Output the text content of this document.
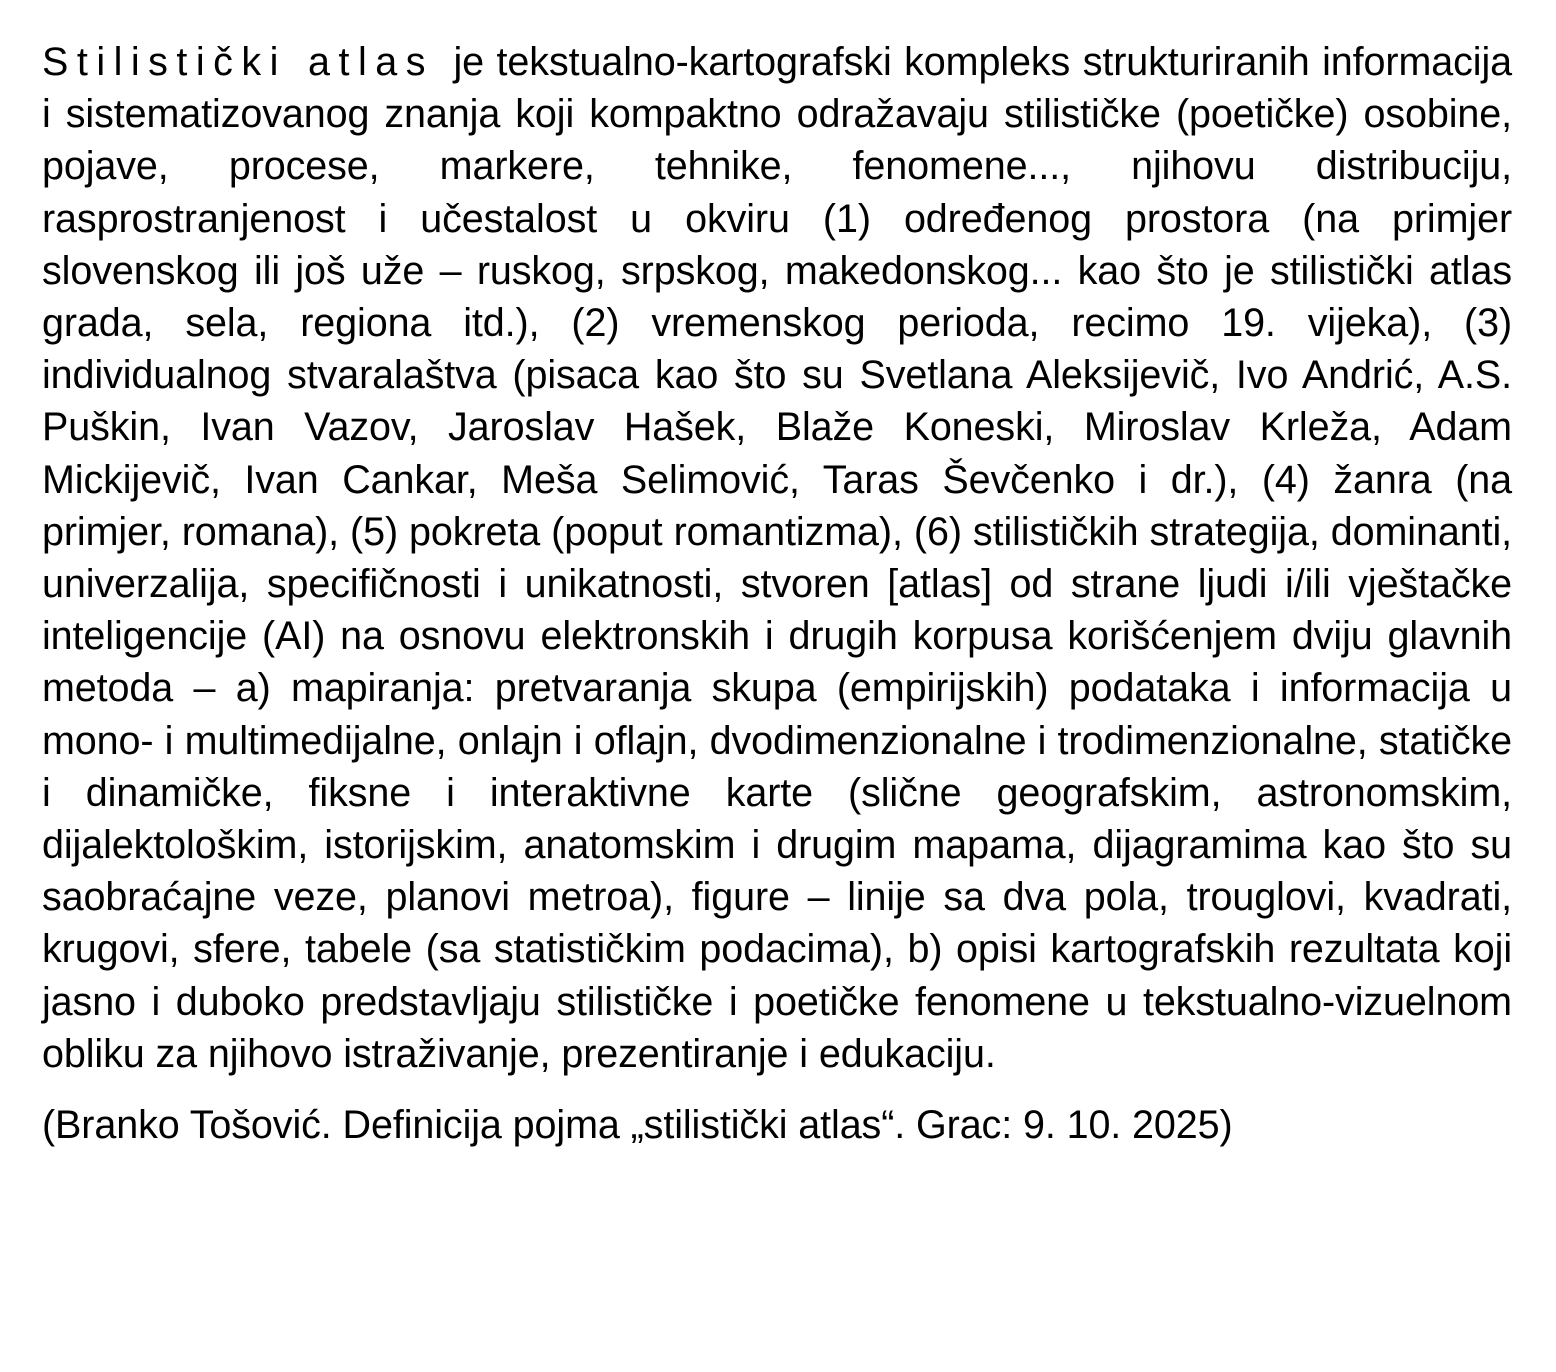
Stilistički atlas je tekstualno-kartografski kompleks strukturiranih informacija i sistematizovanog znanja koji kompaktno odražavaju stilističke (poetičke) osobine, pojave, procese, markere, tehnike, fenomene..., njihovu distribuciju, rasprostranjenost i učestalost u okviru (1) određenog prostora (na primjer slovenskog ili još uže – ruskog, srpskog, makedonskog... kao što je stilistički atlas grada, sela, regiona itd.), (2) vremenskog perioda, recimo 19. vijeka), (3) individualnog stvaralaštva (pisaca kao što su Svetlana Aleksijevič, Ivo Andrić, A.S. Puškin, Ivan Vazov, Jaroslav Hašek, Blaže Koneski, Miroslav Krleža, Adam Mickijevič, Ivan Cankar, Meša Selimović, Taras Ševčenko i dr.), (4) žanra (na primjer, romana), (5) pokreta (poput romantizma), (6) stilističkih strategija, dominanti, univerzalija, specifičnosti i unikatnosti, stvoren [atlas] od strane ljudi i/ili vještačke inteligencije (AI) na osnovu elektronskih i drugih korpusa korišćenjem dviju glavnih metoda – a) mapiranja: pretvaranja skupa (empirijskih) podataka i informacija u mono- i multimedijalne, onlajn i oflajn, dvodimenzionalne i trodimenzionalne, statičke i dinamičke, fiksne i interaktivne karte (slične geografskim, astronomskim, dijalektološkim, istorijskim, anatomskim i drugim mapama, dijagramima kao što su saobraćajne veze, planovi metroa), figure – linije sa dva pola, trouglovi, kvadrati, krugovi, sfere, tabele (sa statističkim podacima), b) opisi kartografskih rezultata koji jasno i duboko predstavljaju stilističke i poetičke fenomene u tekstualno-vizuelnom obliku za njihovo istraživanje, prezentiranje i edukaciju.

(Branko Tošović. Definicija pojma „stilistički atlas“. Grac: 9. 10. 2025)
